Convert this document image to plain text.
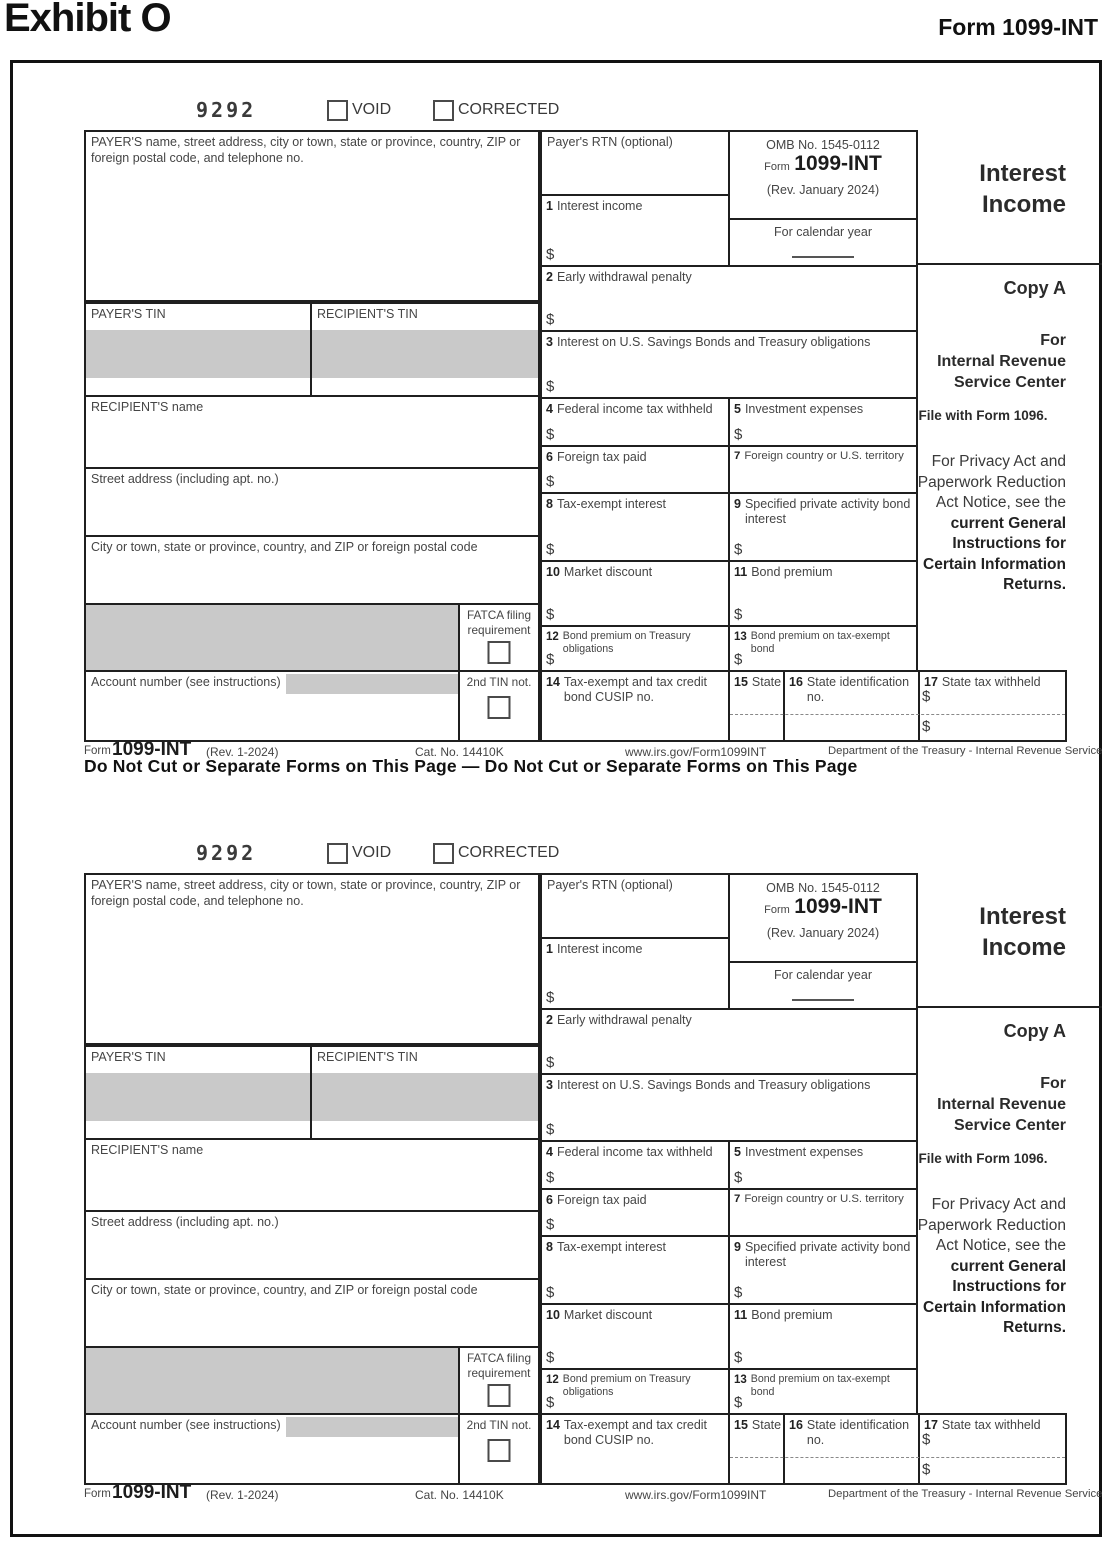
Exhibit O	Form 1099-INT
9292	VOID	CORRECTED
PAYER'S name, street address, city or town, state or province, country, ZIP or foreign postal code, and telephone no.
PAYER'S TIN	RECIPIENT'S TIN
RECIPIENT'S name
Street address (including apt. no.)
City or town, state or province, country, and ZIP or foreign postal code
FATCA filing
requirement
Account number (see instructions)	2nd TIN not.
Payer's RTN (optional)
1 Interest income
$
OMB No. 1545-0112
Form 1099-INT
(Rev. January 2024)
For calendar year
2 Early withdrawal penalty
$
3 Interest on U.S. Savings Bonds and Treasury obligations
$
4 Federal income tax withheld
$
5 Investment expenses
$
6 Foreign tax paid
$
7 Foreign country or U.S. territory
8 Tax-exempt interest
$
9 Specified private activity bond interest
$
10 Market discount
$
11 Bond premium
$
12 Bond premium on Treasury obligations
$
13 Bond premium on tax-exempt bond
$
14 Tax-exempt and tax credit bond CUSIP no.
15 State 16 State identification no.
17 State tax withheld
$
$
Interest
Income
Copy A
For
Internal Revenue
Service Center
File with Form 1096.
For Privacy Act and Paperwork Reduction Act Notice, see the current General Instructions for Certain Information Returns.
Form 1099-INT (Rev. 1-2024)	Cat. No. 14410K	www.irs.gov/Form1099INT	Department of the Treasury - Internal Revenue Service
Do Not Cut or Separate Forms on This Page — Do Not Cut or Separate Forms on This Page
9292	VOID	CORRECTED
PAYER'S name, street address, city or town, state or province, country, ZIP or foreign postal code, and telephone no.
PAYER'S TIN	RECIPIENT'S TIN
RECIPIENT'S name
Street address (including apt. no.)
City or town, state or province, country, and ZIP or foreign postal code
FATCA filing
requirement
Account number (see instructions)	2nd TIN not.
Payer's RTN (optional)
1 Interest income
$
OMB No. 1545-0112
Form 1099-INT
(Rev. January 2024)
For calendar year
2 Early withdrawal penalty
$
3 Interest on U.S. Savings Bonds and Treasury obligations
$
4 Federal income tax withheld
$
5 Investment expenses
$
6 Foreign tax paid
$
7 Foreign country or U.S. territory
8 Tax-exempt interest
$
9 Specified private activity bond interest
$
10 Market discount
$
11 Bond premium
$
12 Bond premium on Treasury obligations
$
13 Bond premium on tax-exempt bond
$
14 Tax-exempt and tax credit bond CUSIP no.
15 State 16 State identification no.
17 State tax withheld
$
$
Interest
Income
Copy A
For
Internal Revenue
Service Center
File with Form 1096.
For Privacy Act and Paperwork Reduction Act Notice, see the current General Instructions for Certain Information Returns.
Form 1099-INT (Rev. 1-2024)	Cat. No. 14410K	www.irs.gov/Form1099INT	Department of the Treasury - Internal Revenue Service
